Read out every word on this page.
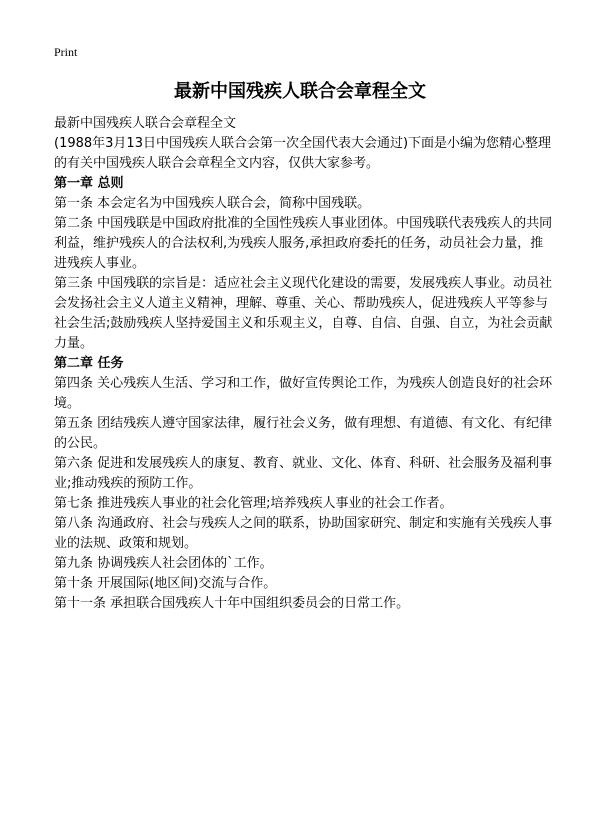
Print
最新中国残疾人联合会章程全文

最新中国残疾人联合会章程全文

(1988年3月13日中国残疾人联合会第一次全国代表大会通过)下面是小编为您精心整理的有关中国残疾人联合会章程全文内容，仅供大家参考。

第一章 总则

第一条 本会定名为中国残疾人联合会，简称中国残联。

第二条 中国残联是中国政府批准的全国性残疾人事业团体。中国残联代表残疾人的共同利益，维护残疾人的合法权利,为残疾人服务,承担政府委托的任务，动员社会力量，推进残疾人事业。

第三条 中国残联的宗旨是：适应社会主义现代化建设的需要，发展残疾人事业。动员社会发扬社会主义人道主义精神，理解、尊重、关心、帮助残疾人，促进残疾人平等参与社会生活;鼓励残疾人坚持爱国主义和乐观主义，自尊、自信、自强、自立，为社会贡献力量。

第二章 任务

第四条 关心残疾人生活、学习和工作，做好宣传舆论工作，为残疾人创造良好的社会环境。

第五条 团结残疾人遵守国家法律，履行社会义务，做有理想、有道德、有文化、有纪律的公民。

第六条 促进和发展残疾人的康复、教育、就业、文化、体育、科研、社会服务及福利事业;推动残疾的预防工作。

第七条 推进残疾人事业的社会化管理;培养残疾人事业的社会工作者。

第八条 沟通政府、社会与残疾人之间的联系，协助国家研究、制定和实施有关残疾人事业的法规、政策和规划。

第九条 协调残疾人社会团体的`工作。

第十条 开展国际(地区间)交流与合作。

第十一条 承担联合国残疾人十年中国组织委员会的日常工作。
